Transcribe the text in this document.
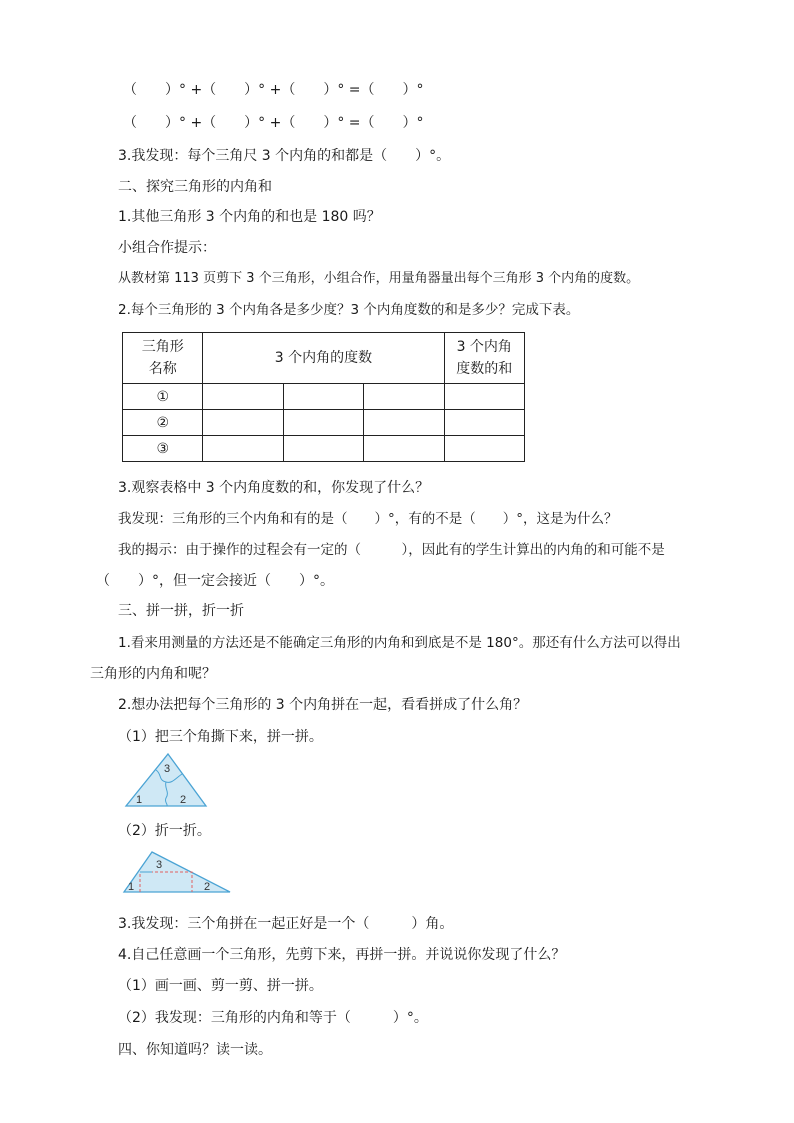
（　　）° +（　　）° +（　　）° =（　　）°
（　　）° +（　　）° +（　　）° =（　　）°
3.我发现：每个三角尺 3 个内角的和都是（　　）°。
二、探究三角形的内角和
1.其他三角形 3 个内角的和也是 180 吗？
小组合作提示：
从教材第 113 页剪下 3 个三角形，小组合作，用量角器量出每个三角形 3 个内角的度数。
2.每个三角形的 3 个内角各是多少度？3 个内角度数的和是多少？完成下表。
三角形
名称	3 个内角的度数			3 个内角
度数的和
①				
②				
③				
3.观察表格中 3 个内角度数的和，你发现了什么？
我发现：三角形的三个内角和有的是（　　）°，有的不是（　　）°，这是为什么？
我的揭示：由于操作的过程会有一定的（　　　），因此有的学生计算出的内角的和可能不是
（　　）°，但一定会接近（　　）°。
三、拼一拼，折一折
1.看来用测量的方法还是不能确定三角形的内角和到底是不是 180°。那还有什么方法可以得出
三角形的内角和呢？
2.想办法把每个三角形的 3 个内角拼在一起，看看拼成了什么角？
（1）把三个角撕下来，拼一拼。
3
1	2
（2）折一折。
3
1	2
3.我发现：三个角拼在一起正好是一个（　　　）角。
4.自己任意画一个三角形，先剪下来，再拼一拼。并说说你发现了什么？
（1）画一画、剪一剪、拼一拼。
（2）我发现：三角形的内角和等于（　　　）°。
四、你知道吗？读一读。
